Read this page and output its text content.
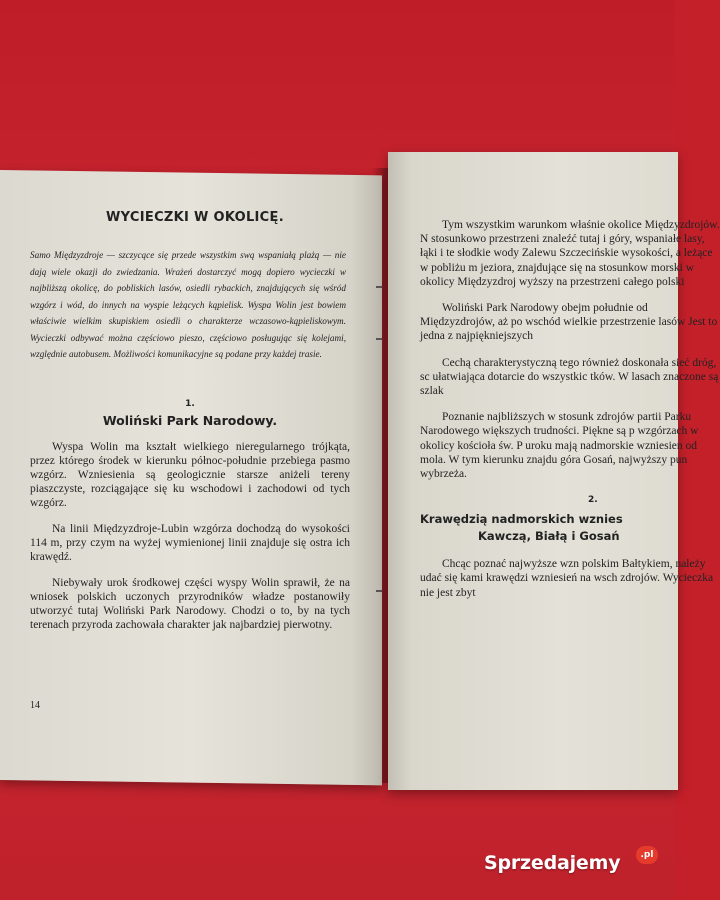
WYCIECZKI W OKOLICĘ.

Samo Międzyzdroje — szczycące się przede wszystkim swą wspaniałą plażą — nie dają wiele okazji do zwiedzania. Wrażeń dostarczyć mogą dopiero wycieczki w najbliższą okolicę, do pobliskich lasów, osiedli rybackich, znajdujących się wśród wzgórz i wód, do innych na wyspie leżących kąpielisk. Wyspa Wolin jest bowiem właściwie wielkim skupiskiem osiedli o charakterze wczasowo-kąpieliskowym. Wycieczki odbywać można częściowo pieszo, częściowo posługując się kolejami, względnie autobusem. Możliwości komunikacyjne są podane przy każdej trasie.

1.
Woliński Park Narodowy.

Wyspa Wolin ma kształt wielkiego nieregularnego trójkąta, przez którego środek w kierunku północ-południe przebiega pasmo wzgórz. Wzniesienia są geologicznie starsze aniżeli tereny piaszczyste, rozciągające się ku wschodowi i zachodowi od tych wzgórz.

Na linii Międzyzdroje-Lubin wzgórza dochodzą do wysokości 114 m, przy czym na wyżej wymienionej linii znajduje się ostra ich krawędź.

Niebywały urok środkowej części wyspy Wolin sprawił, że na wniosek polskich uczonych przyrodników władze postanowiły utworzyć tutaj Woliński Park Narodowy. Chodzi o to, by na tych terenach przyroda zachowała charakter jak najbardziej pierwotny.

14

Tym wszystkim warunkom właśnie okolice Międzyzdrojów. N stosunkowo przestrzeni znaleźć tutaj i góry, wspaniałe lasy, łąki i te słodkie wody Zalewu Szczecińskie wysokości, a leżące w pobliżu m jeziora, znajdujące się na stosunkow morski w okolicy Międzyzdroj wyższy na przestrzeni całego polski

Woliński Park Narodowy obejm południe od Międzyzdrojów, aż po wschód wielkie przestrzenie lasów Jest to jedna z najpiękniejszych

Cechą charakterystyczną tego również doskonała sieć dróg, sc ułatwiająca dotarcie do wszystkic tków. W lasach znaczone są szlak

Poznanie najbliższych w stosunk zdrojów partii Parku Narodowego większych trudności. Piękne są p wzgórzach w okolicy kościoła św. P uroku mają nadmorskie wzniesien od mola. W tym kierunku znajdu góra Gosań, najwyższy pun wybrzeża.

2.
Krawędzią nadmorskich wznies
Kawczą, Białą i Gosań

Chcąc poznać najwyższe wzn polskim Bałtykiem, należy udać się kami krawędzi wzniesień na wsch zdrojów. Wycieczka nie jest zbyt

Sprzedajemy	.pl
